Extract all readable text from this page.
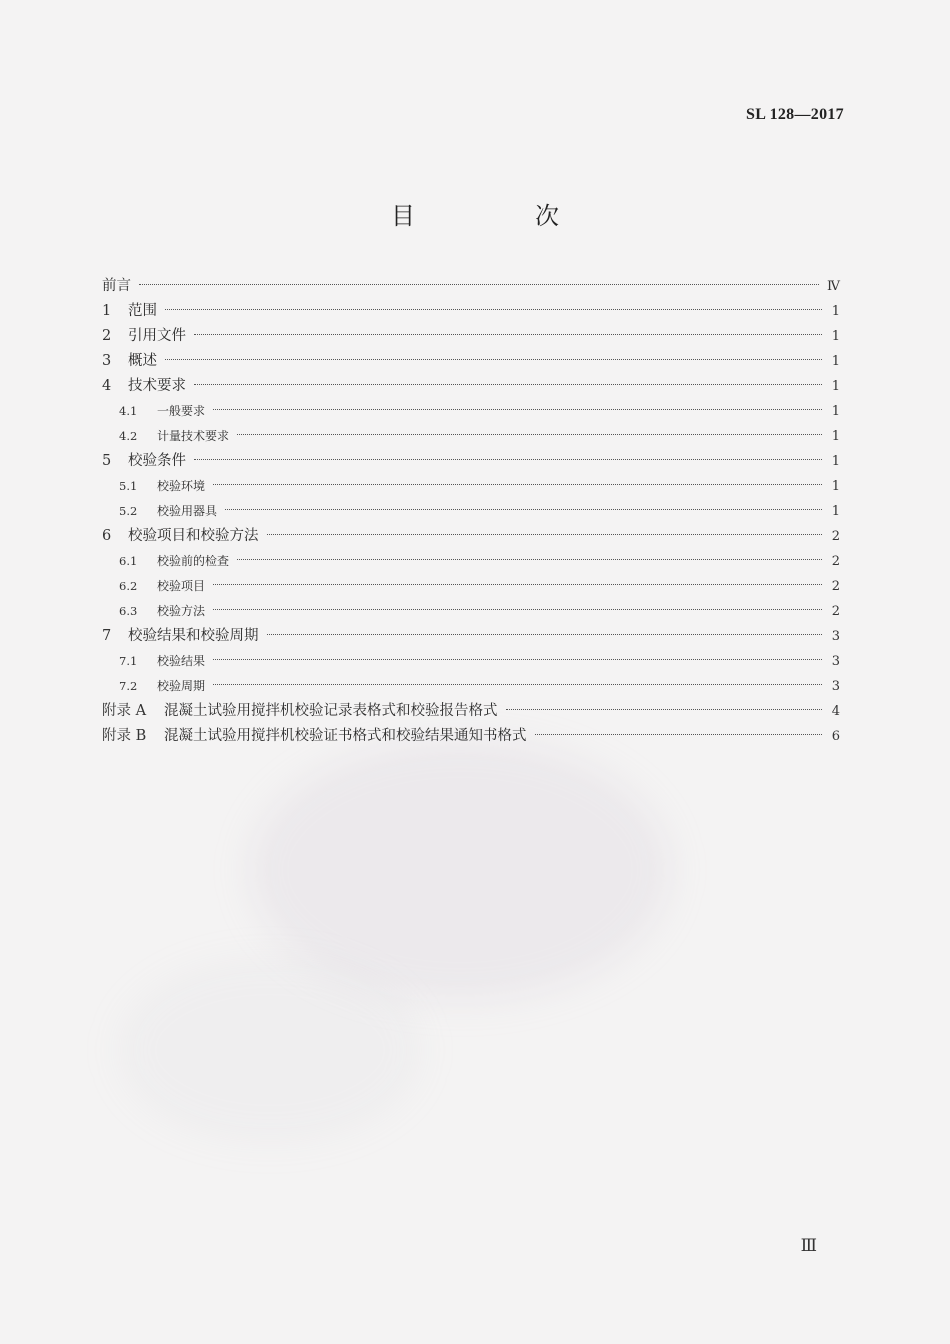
SL 128—2017
目　次
前言	Ⅳ
1	范围	1
2	引用文件	1
3	概述	1
4	技术要求	1
4.1	一般要求	1
4.2	计量技术要求	1
5	校验条件	1
5.1	校验环境	1
5.2	校验用器具	1
6	校验项目和校验方法	2
6.1	校验前的检查	2
6.2	校验项目	2
6.3	校验方法	2
7	校验结果和校验周期	3
7.1	校验结果	3
7.2	校验周期	3
附录 A	混凝土试验用搅拌机校验记录表格式和校验报告格式	4
附录 B	混凝土试验用搅拌机校验证书格式和校验结果通知书格式	6
Ⅲ
